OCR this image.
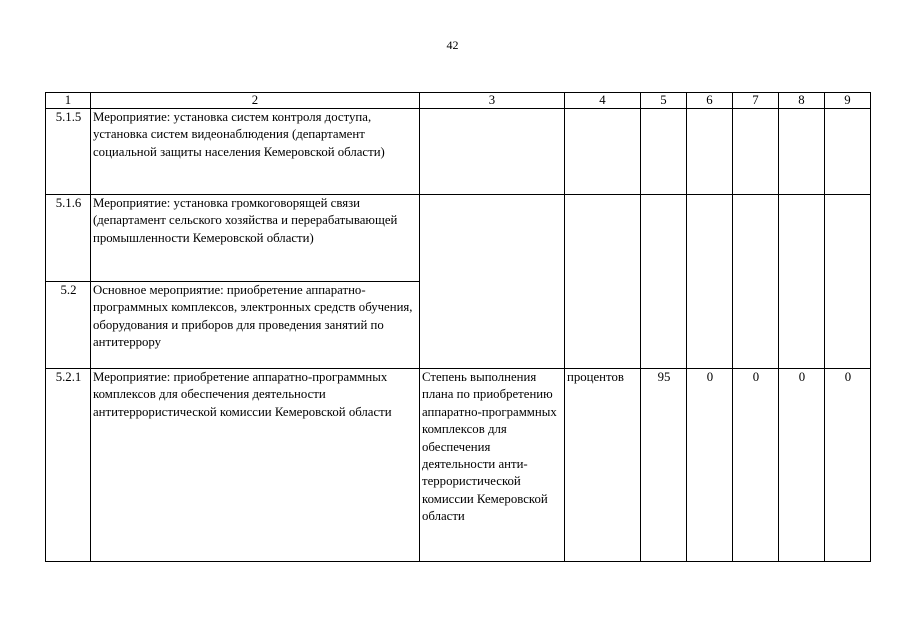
42
1	2	3	4	5	6	7	8	9
5.1.5	Мероприятие: установка систем контроля доступа, установка систем видеонаблюдения (департамент социальной защиты населения Кемеровской области)							
5.1.6	Мероприятие: установка громкоговорящей связи (департамент сельского хозяйства и перерабатывающей промышленности Кемеровской области)							
5.2	Основное мероприятие: приобретение аппаратно-программных комплексов, электронных средств обучения, оборудования и приборов для проведения занятий по антитеррору							
5.2.1	Мероприятие: приобретение аппаратно-программных комплексов для обеспечения деятельности антитеррористической комиссии Кемеровской области	Степень выполнения плана по приобретению аппаратно-программных комплексов для обеспечения деятельности анти-террористической комиссии Кемеровской области	процентов	95	0	0	0	0
